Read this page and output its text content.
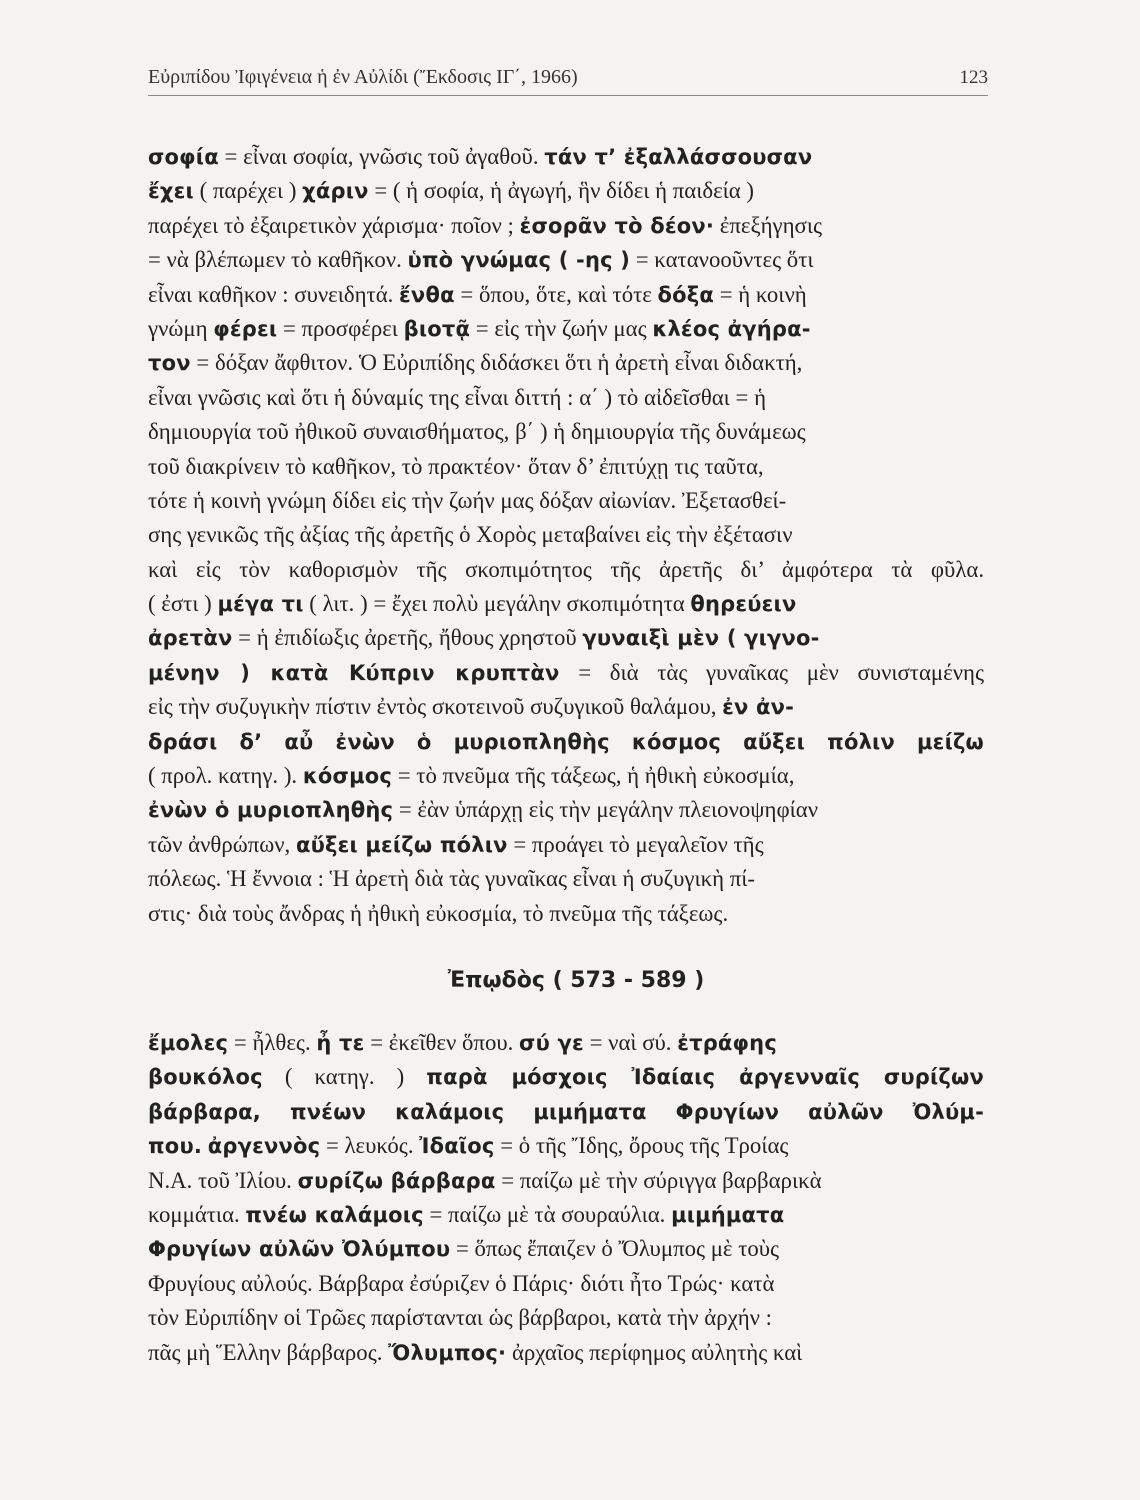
Εὐριπίδου Ἰφιγένεια ἡ ἐν Αὐλίδι (Ἔκδοσις ΙΓ΄, 1966)	123
σοφία = εἶναι σοφία, γνῶσις τοῦ ἀγαθοῦ. τάν τ’ ἐξαλλάσσουσαν
ἔχει ( παρέχει ) χάριν = ( ἡ σοφία, ἡ ἀγωγή, ἣν δίδει ἡ παιδεία )
παρέχει τὸ ἐξαιρετικὸν χάρισμα· ποῖον ; ἐσορᾶν τὸ δέον· ἐπεξήγησις
= νὰ βλέπωμεν τὸ καθῆκον. ὑπὸ γνώμας ( -ης ) = κατανοοῦντες ὅτι
εἶναι καθῆκον : συνειδητά. ἔνθα = ὅπου, ὅτε, καὶ τότε δόξα = ἡ κοινὴ
γνώμη φέρει = προσφέρει βιοτᾷ = εἰς τὴν ζωήν μας κλέος ἀγήρα-
τον = δόξαν ἄφθιτον. Ὁ Εὐριπίδης διδάσκει ὅτι ἡ ἀρετὴ εἶναι διδακτή,
εἶναι γνῶσις καὶ ὅτι ἡ δύναμίς της εἶναι διττή : α΄ ) τὸ αἰδεῖσθαι = ἡ
δημιουργία τοῦ ἠθικοῦ συναισθήματος, β΄ ) ἡ δημιουργία τῆς δυνάμεως
τοῦ διακρίνειν τὸ καθῆκον, τὸ πρακτέον· ὅταν δ’ ἐπιτύχῃ τις ταῦτα,
τότε ἡ κοινὴ γνώμη δίδει εἰς τὴν ζωήν μας δόξαν αἰωνίαν. Ἐξετασθεί-
σης γενικῶς τῆς ἀξίας τῆς ἀρετῆς ὁ Χορὸς μεταβαίνει εἰς τὴν ἐξέτασιν
καὶ εἰς τὸν καθορισμὸν τῆς σκοπιμότητος τῆς ἀρετῆς δι’ ἀμφότερα τὰ φῦλα.
( ἐστι ) μέγα τι ( λιτ. ) = ἔχει πολὺ μεγάλην σκοπιμότητα θηρεύειν
ἀρετὰν = ἡ ἐπιδίωξις ἀρετῆς, ἤθους χρηστοῦ γυναιξὶ μὲν ( γιγνο-
μένην ) κατὰ Κύπριν κρυπτὰν = διὰ τὰς γυναῖκας μὲν συνισταμένης
εἰς τὴν συζυγικὴν πίστιν ἐντὸς σκοτεινοῦ συζυγικοῦ θαλάμου, ἐν ἀν-
δράσι δ’ αὖ ἐνὼν ὁ μυριοπληθὴς κόσμος αὔξει πόλιν μείζω
( προλ. κατηγ. ). κόσμος = τὸ πνεῦμα τῆς τάξεως, ἡ ἠθικὴ εὐκοσμία,
ἐνὼν ὁ μυριοπληθὴς = ἐὰν ὑπάρχῃ εἰς τὴν μεγάλην πλειονοψηφίαν
τῶν ἀνθρώπων, αὔξει μείζω πόλιν = προάγει τὸ μεγαλεῖον τῆς
πόλεως. Ἡ ἔννοια : Ἡ ἀρετὴ διὰ τὰς γυναῖκας εἶναι ἡ συζυγικὴ πί-
στις· διὰ τοὺς ἄνδρας ἡ ἠθικὴ εὐκοσμία, τὸ πνεῦμα τῆς τάξεως.
Ἐπῳδὸς ( 573 - 589 )
ἔμολες = ἦλθες. ἦ τε = ἐκεῖθεν ὅπου. σύ γε = ναὶ σύ. ἐτράφης
βουκόλος ( κατηγ. ) παρὰ μόσχοις Ἰδαίαις ἀργενναῖς συρίζων
βάρβαρα, πνέων καλάμοις μιμήματα Φρυγίων αὐλῶν Ὀλύμ-
που. ἀργεννὸς = λευκός. Ἰδαῖος = ὁ τῆς Ἴδης, ὄρους τῆς Τροίας
Ν.Α. τοῦ Ἰλίου. συρίζω βάρβαρα = παίζω μὲ τὴν σύριγγα βαρβαρικὰ
κομμάτια. πνέω καλάμοις = παίζω μὲ τὰ σουραύλια. μιμήματα
Φρυγίων αὐλῶν Ὀλύμπου = ὅπως ἔπαιζεν ὁ Ὄλυμπος μὲ τοὺς
Φρυγίους αὐλούς. Βάρβαρα ἐσύριζεν ὁ Πάρις· διότι ἦτο Τρώς· κατὰ
τὸν Εὐριπίδην οἱ Τρῶες παρίστανται ὡς βάρβαροι, κατὰ τὴν ἀρχήν :
πᾶς μὴ Ἕλλην βάρβαρος. Ὄλυμπος· ἀρχαῖος περίφημος αὐλητὴς καὶ
